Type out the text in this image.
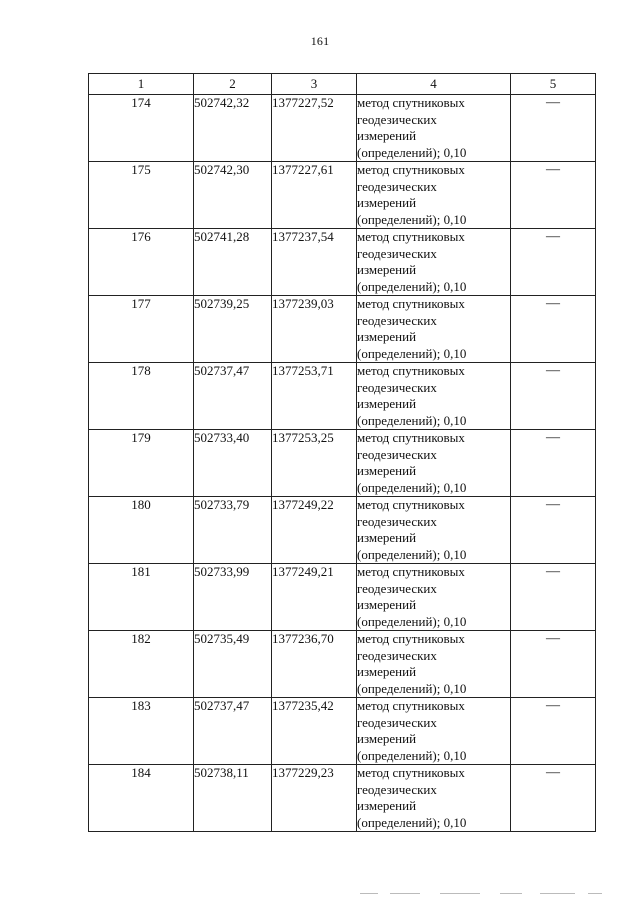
161
1	2	3	4	5
174	502742,32	1377227,52	метод спутниковых
геодезических
измерений
(определений); 0,10	—
175	502742,30	1377227,61	метод спутниковых
геодезических
измерений
(определений); 0,10	—
176	502741,28	1377237,54	метод спутниковых
геодезических
измерений
(определений); 0,10	—
177	502739,25	1377239,03	метод спутниковых
геодезических
измерений
(определений); 0,10	—
178	502737,47	1377253,71	метод спутниковых
геодезических
измерений
(определений); 0,10	—
179	502733,40	1377253,25	метод спутниковых
геодезических
измерений
(определений); 0,10	—
180	502733,79	1377249,22	метод спутниковых
геодезических
измерений
(определений); 0,10	—
181	502733,99	1377249,21	метод спутниковых
геодезических
измерений
(определений); 0,10	—
182	502735,49	1377236,70	метод спутниковых
геодезических
измерений
(определений); 0,10	—
183	502737,47	1377235,42	метод спутниковых
геодезических
измерений
(определений); 0,10	—
184	502738,11	1377229,23	метод спутниковых
геодезических
измерений
(определений); 0,10	—
